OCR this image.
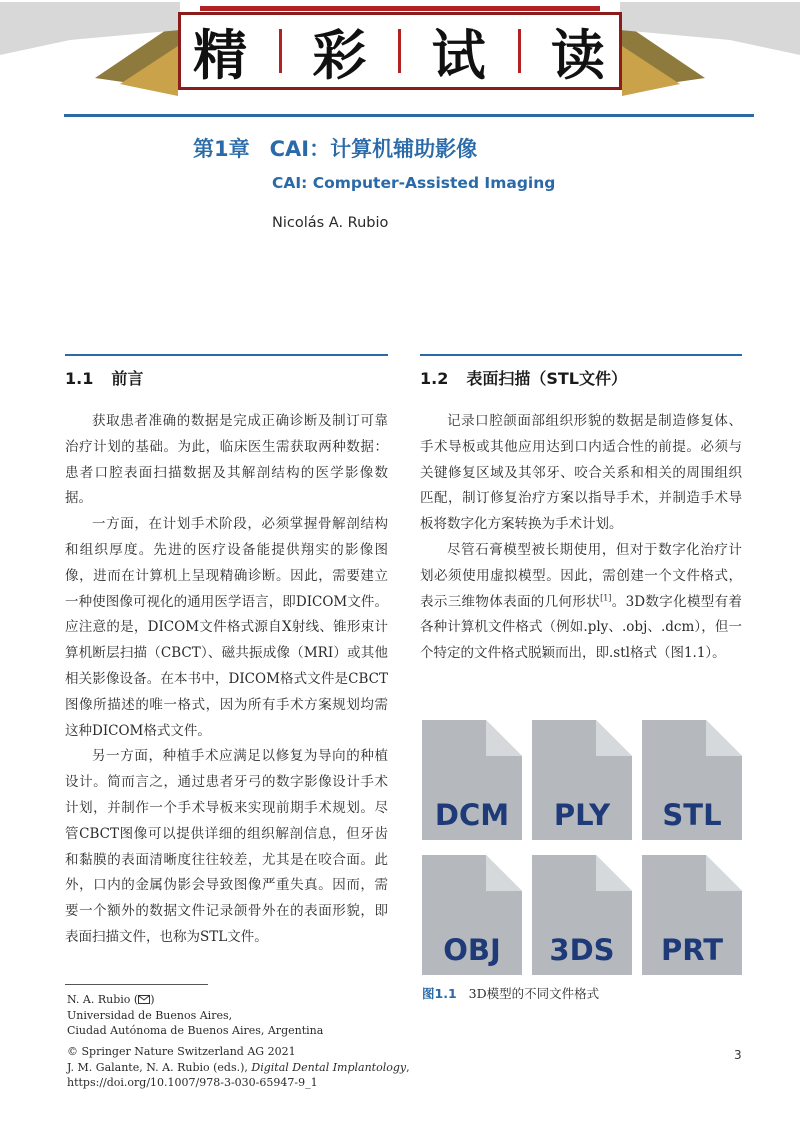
精 彩 试 读
第1章 CAI：计算机辅助影像
CAI: Computer-Assisted Imaging
Nicolás A. Rubio
1.1 前言

获取患者准确的数据是完成正确诊断及制订可靠治疗计划的基础。为此，临床医生需获取两种数据：患者口腔表面扫描数据及其解剖结构的医学影像数据。

一方面，在计划手术阶段，必须掌握骨解剖结构和组织厚度。先进的医疗设备能提供翔实的影像图像，进而在计算机上呈现精确诊断。因此，需要建立一种使图像可视化的通用医学语言，即DICOM文件。应注意的是，DICOM文件格式源自X射线、锥形束计算机断层扫描（CBCT）、磁共振成像（MRI）或其他相关影像设备。在本书中，DICOM格式文件是CBCT图像所描述的唯一格式，因为所有手术方案规划均需这种DICOM格式文件。

另一方面，种植手术应满足以修复为导向的种植设计。简而言之，通过患者牙弓的数字影像设计手术计划，并制作一个手术导板来实现前期手术规划。尽管CBCT图像可以提供详细的组织解剖信息，但牙齿和黏膜的表面清晰度往往较差，尤其是在咬合面。此外，口内的金属伪影会导致图像严重失真。因而，需要一个额外的数据文件记录颌骨外在的表面形貌，即表面扫描文件，也称为STL文件。

1.2 表面扫描（STL文件）

记录口腔颌面部组织形貌的数据是制造修复体、手术导板或其他应用达到口内适合性的前提。必须与关键修复区域及其邻牙、咬合关系和相关的周围组织匹配，制订修复治疗方案以指导手术，并制造手术导板将数字化方案转换为手术计划。

尽管石膏模型被长期使用，但对于数字化治疗计划必须使用虚拟模型。因此，需创建一个文件格式，表示三维物体表面的几何形状[1]。3D数字化模型有着各种计算机文件格式（例如.ply、.obj、.dcm），但一个特定的文件格式脱颖而出，即.stl格式（图1.1）。

DCM	PLY	STL
OBJ	3DS	PRT
图1.1 3D模型的不同文件格式
N. A. Rubio ( )
Universidad de Buenos Aires,
Ciudad Autónoma de Buenos Aires, Argentina
© Springer Nature Switzerland AG 2021
J. M. Galante, N. A. Rubio (eds.), Digital Dental Implantology,
https://doi.org/10.1007/978-3-030-65947-9_1
3
